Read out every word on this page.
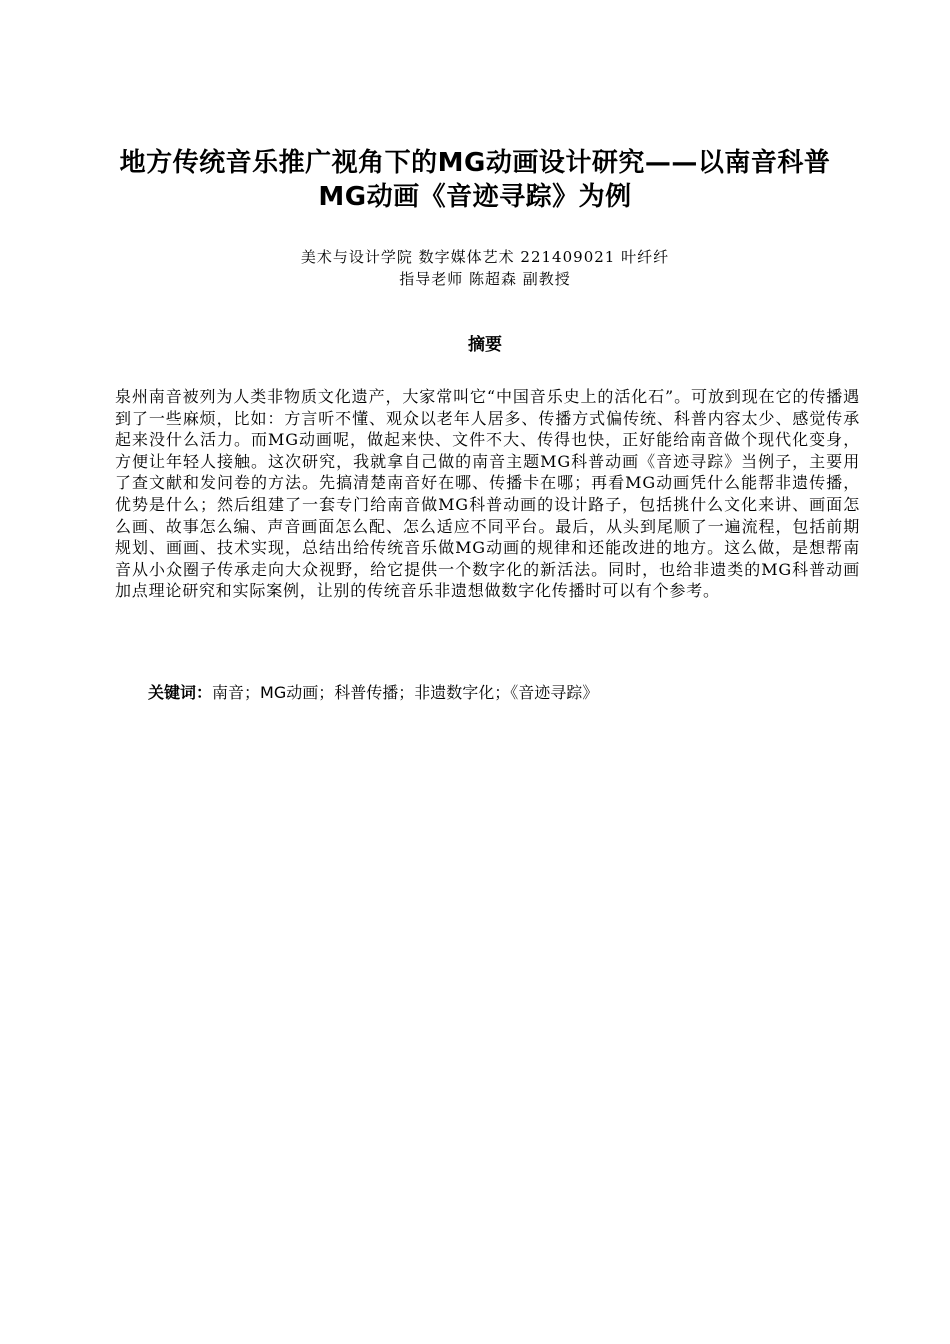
地方传统音乐推广视角下的MG动画设计研究——以南音科普MG动画《音迹寻踪》为例
美术与设计学院 数字媒体艺术 221409021 叶纤纤
指导老师 陈超森 副教授
摘要

泉州南音被列为人类非物质文化遗产，大家常叫它“中国音乐史上的活化石”。可放到现在它的传播遇到了一些麻烦，比如：方言听不懂、观众以老年人居多、传播方式偏传统、科普内容太少、感觉传承起来没什么活力。而MG动画呢，做起来快、文件不大、传得也快，正好能给南音做个现代化变身，方便让年轻人接触。这次研究，我就拿自己做的南音主题MG科普动画《音迹寻踪》当例子，主要用了查文献和发问卷的方法。先搞清楚南音好在哪、传播卡在哪；再看MG动画凭什么能帮非遗传播，优势是什么；然后组建了一套专门给南音做MG科普动画的设计路子，包括挑什么文化来讲、画面怎么画、故事怎么编、声音画面怎么配、怎么适应不同平台。最后，从头到尾顺了一遍流程，包括前期规划、画画、技术实现，总结出给传统音乐做MG动画的规律和还能改进的地方。这么做，是想帮南音从小众圈子传承走向大众视野，给它提供一个数字化的新活法。同时，也给非遗类的MG科普动画加点理论研究和实际案例，让别的传统音乐非遗想做数字化传播时可以有个参考。

关键词：南音；MG动画；科普传播；非遗数字化；《音迹寻踪》
